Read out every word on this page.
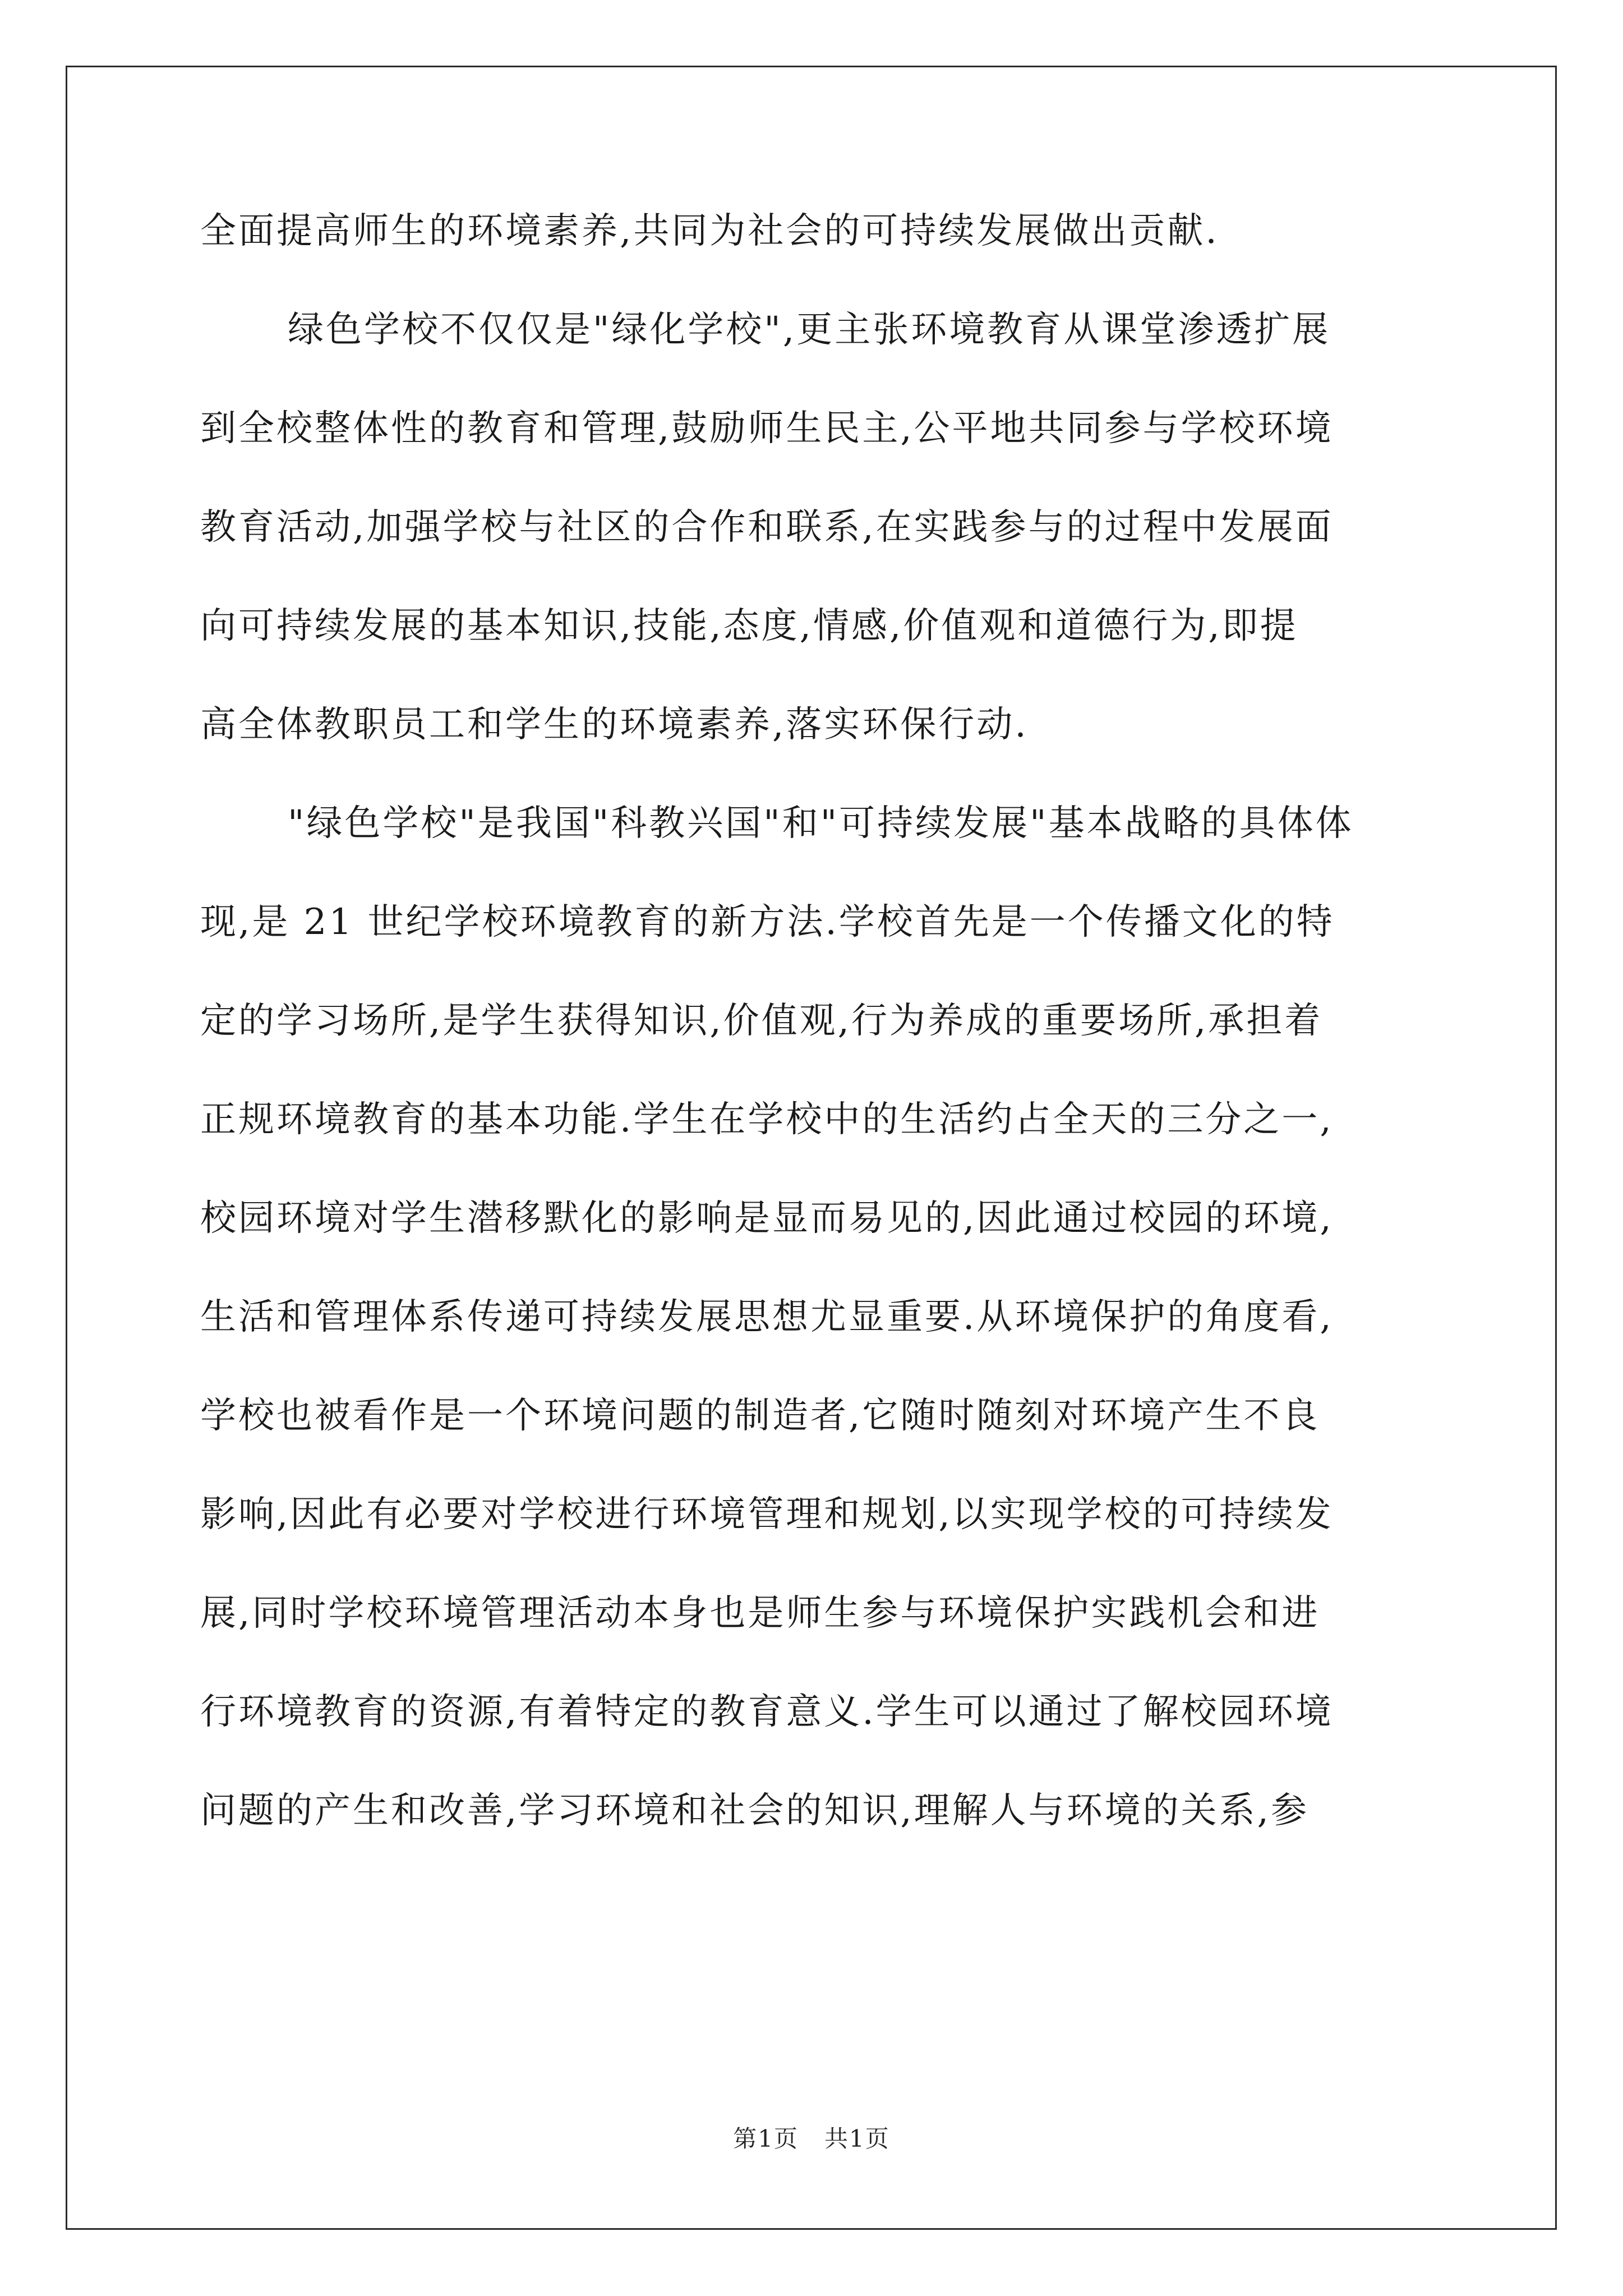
全面提高师生的环境素养,共同为社会的可持续发展做出贡献.
绿色学校不仅仅是"绿化学校",更主张环境教育从课堂渗透扩展
到全校整体性的教育和管理,鼓励师生民主,公平地共同参与学校环境
教育活动,加强学校与社区的合作和联系,在实践参与的过程中发展面
向可持续发展的基本知识,技能,态度,情感,价值观和道德行为,即提
高全体教职员工和学生的环境素养,落实环保行动.
"绿色学校"是我国"科教兴国"和"可持续发展"基本战略的具体体
现,是 21 世纪学校环境教育的新方法.学校首先是一个传播文化的特
定的学习场所,是学生获得知识,价值观,行为养成的重要场所,承担着
正规环境教育的基本功能.学生在学校中的生活约占全天的三分之一,
校园环境对学生潜移默化的影响是显而易见的,因此通过校园的环境,
生活和管理体系传递可持续发展思想尤显重要.从环境保护的角度看,
学校也被看作是一个环境问题的制造者,它随时随刻对环境产生不良
影响,因此有必要对学校进行环境管理和规划,以实现学校的可持续发
展,同时学校环境管理活动本身也是师生参与环境保护实践机会和进
行环境教育的资源,有着特定的教育意义.学生可以通过了解校园环境
问题的产生和改善,学习环境和社会的知识,理解人与环境的关系,参
第1页 共1页
